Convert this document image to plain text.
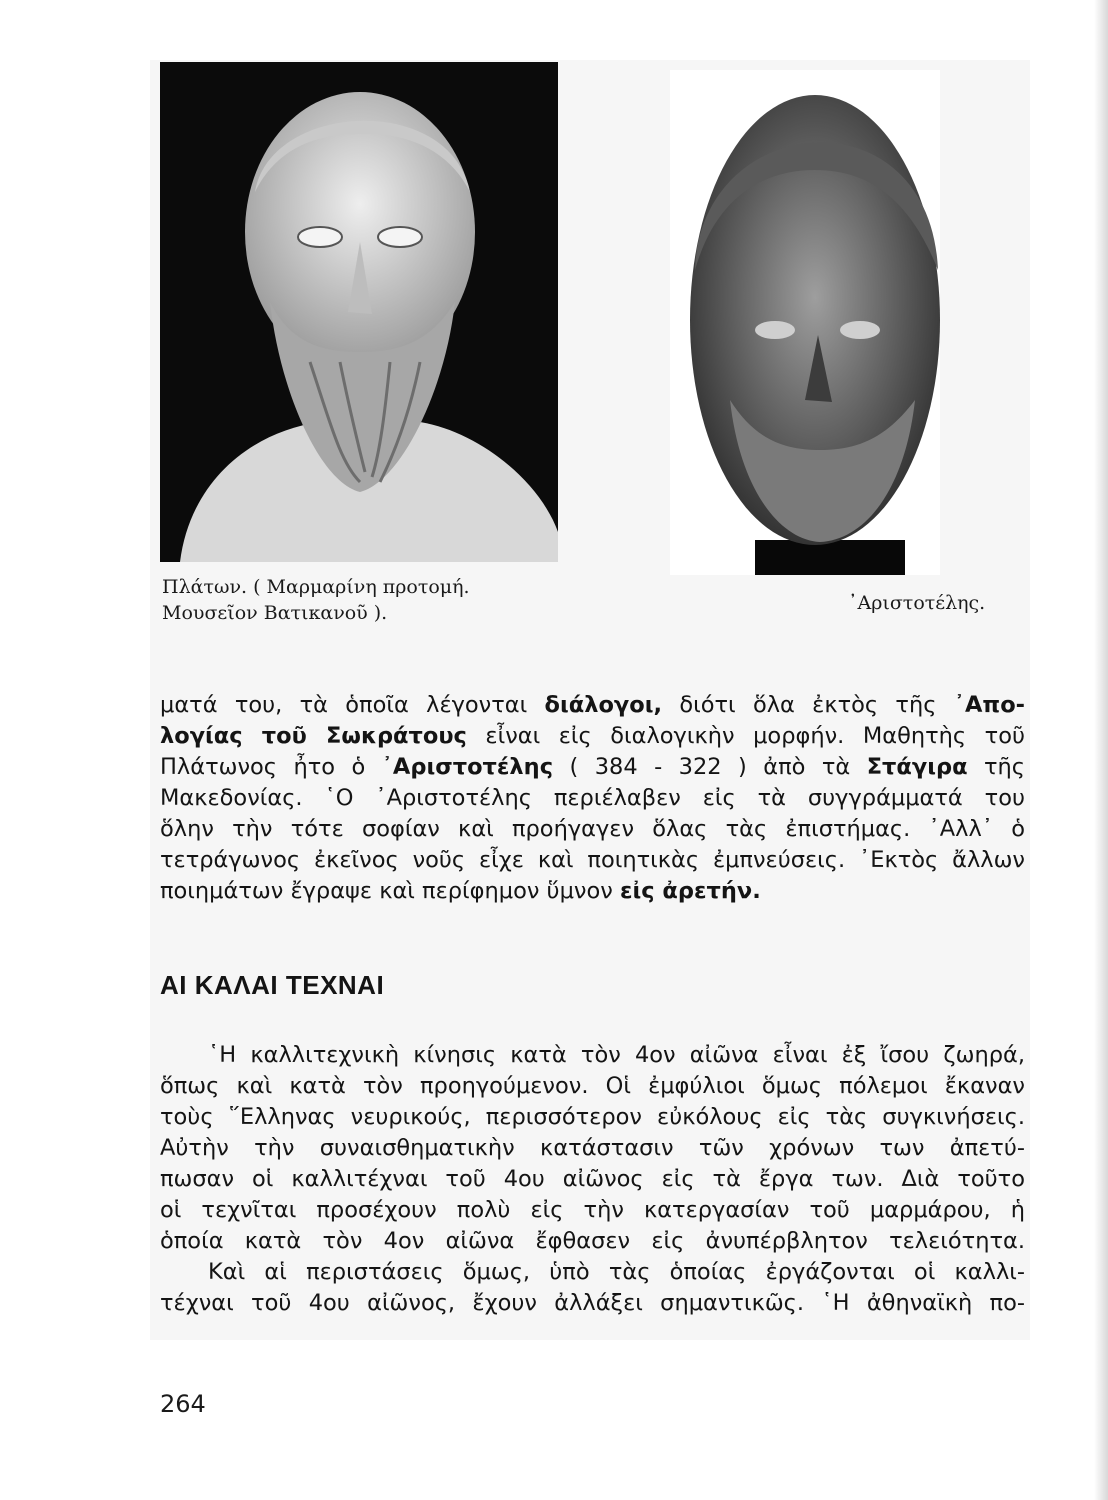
Πλάτων. ( Μαρμαρίνη προτομή.
Μουσεῖον Βατικανοῦ ).	᾿Αριστοτέλης.
ματά του, τὰ ὁποῖα λέγονται διάλογοι, διότι ὅλα ἐκτὸς τῆς ᾿Απο-
λογίας τοῦ Σωκράτους εἶναι εἰς διαλογικὴν μορφήν. Μαθητὴς τοῦ
Πλάτωνος ἦτο ὁ ᾿Αριστοτέλης ( 384 - 322 ) ἀπὸ τὰ Στάγιρα τῆς
Μακεδονίας. ῾Ο ᾿Αριστοτέλης περιέλαβεν εἰς τὰ συγγράμματά του
ὅλην τὴν τότε σοφίαν καὶ προήγαγεν ὅλας τὰς ἐπιστήμας. ᾿Αλλ᾿ ὁ
τετράγωνος ἐκεῖνος νοῦς εἶχε καὶ ποιητικὰς ἐμπνεύσεις. ᾿Εκτὸς ἄλλων
ποιημάτων ἔγραψε καὶ περίφημον ὕμνον εἰς ἀρετήν.
ΑΙ ΚΑΛΑΙ ΤΕΧΝΑΙ
῾Η καλλιτεχνικὴ κίνησις κατὰ τὸν 4ον αἰῶνα εἶναι ἐξ ἴσου ζωηρά,
ὅπως καὶ κατὰ τὸν προηγούμενον. Οἱ ἐμφύλιοι ὅμως πόλεμοι ἔκαναν
τοὺς ῞Ελληνας νευρικούς, περισσότερον εὐκόλους εἰς τὰς συγκινήσεις.
Αὐτὴν τὴν συναισθηματικὴν κατάστασιν τῶν χρόνων των ἀπετύ-
πωσαν οἱ καλλιτέχναι τοῦ 4ου αἰῶνος εἰς τὰ ἔργα των. Διὰ τοῦτο
οἱ τεχνῖται προσέχουν πολὺ εἰς τὴν κατεργασίαν τοῦ μαρμάρου, ἡ
ὁποία κατὰ τὸν 4ον αἰῶνα ἔφθασεν εἰς ἀνυπέρβλητον τελειότητα.
Καὶ αἱ περιστάσεις ὅμως, ὑπὸ τὰς ὁποίας ἐργάζονται οἱ καλλι-
τέχναι τοῦ 4ου αἰῶνος, ἔχουν ἀλλάξει σημαντικῶς. ῾Η ἀθηναϊκὴ πο-
264
